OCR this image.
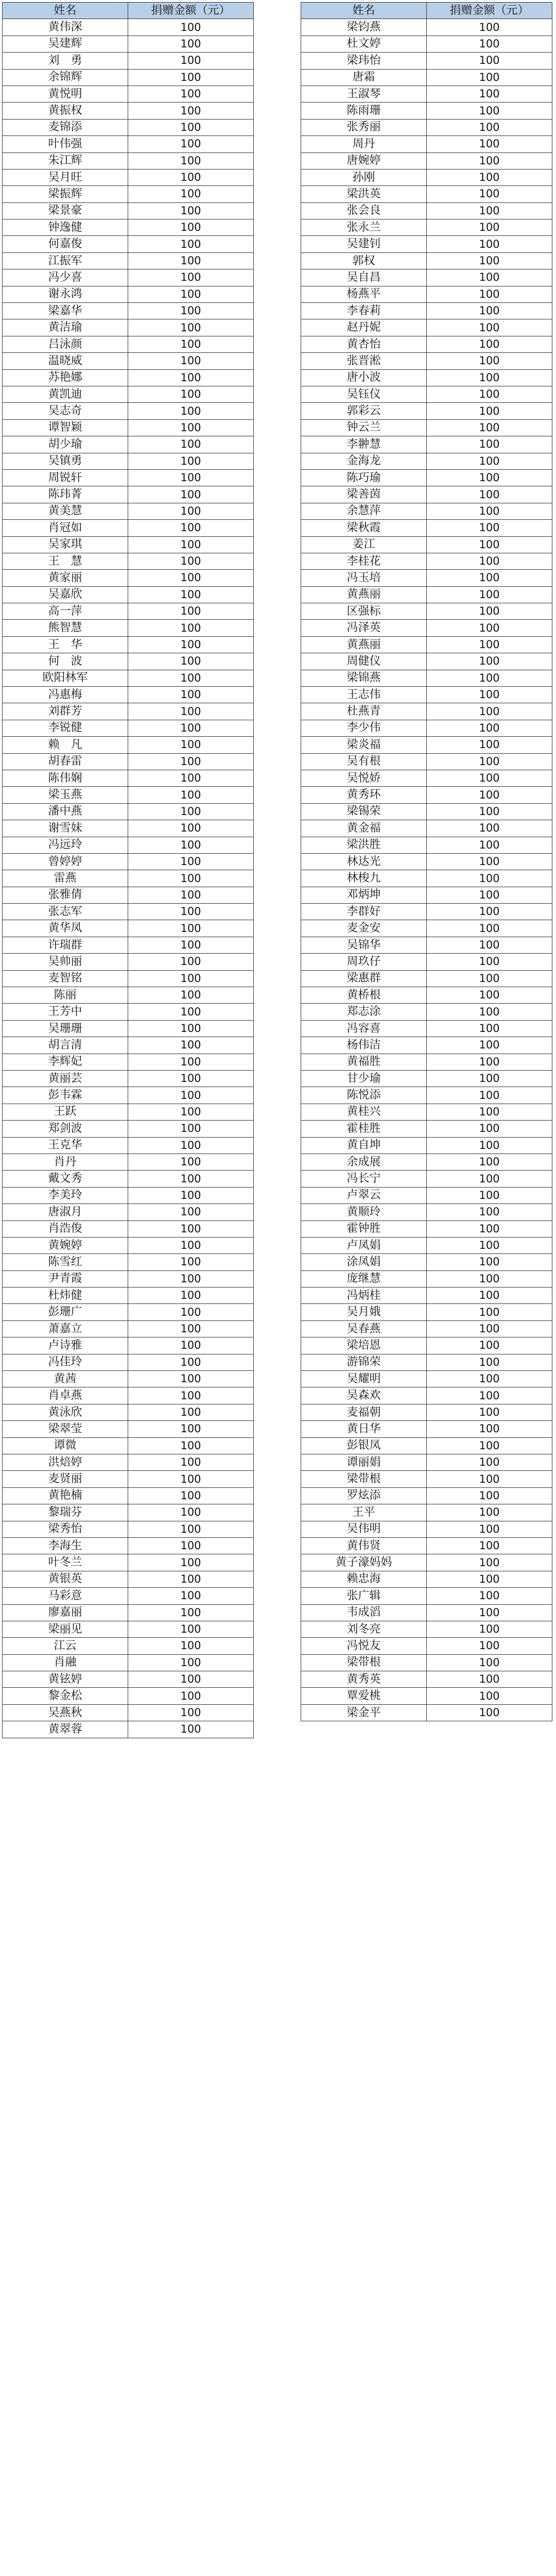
姓名	捐赠金额（元）
黄伟深	100
吴建辉	100
刘　勇	100
余锦辉	100
黄悦明	100
黄振权	100
麦锦添	100
叶伟强	100
朱江辉	100
吴月旺	100
梁振辉	100
梁景豪	100
钟逸健	100
何嘉俊	100
江振军	100
冯少喜	100
谢永鸿	100
梁嘉华	100
黄洁瑜	100
吕泳颜	100
温晓威	100
苏艳娜	100
黄凯迪	100
吴志奇	100
谭智颖	100
胡少瑜	100
吴镇勇	100
周锐轩	100
陈玮菁	100
黄美慧	100
肖冠如	100
吴家琪	100
王　慧	100
黄家丽	100
吴嘉欣	100
高一萍	100
熊智慧	100
王　华	100
何　波	100
欧阳林军	100
冯惠梅	100
刘群芳	100
李锐健	100
赖　凡	100
胡春雷	100
陈伟娴	100
梁玉燕	100
潘中燕	100
谢雪妹	100
冯远玲	100
曾婷婷	100
雷燕	100
张雅倩	100
张志军	100
黄华凤	100
许瑞群	100
吴帅丽	100
麦智铭	100
陈丽	100
王芳中	100
吴珊珊	100
胡言清	100
李辉妃	100
黄丽芸	100
彭韦霖	100
王跃	100
郑剑波	100
王克华	100
肖丹	100
戴文秀	100
李美玲	100
唐淑月	100
肖浩俊	100
黄婉婷	100
陈雪红	100
尹青霞	100
杜炜健	100
彭珊广	100
萧嘉立	100
卢诗雅	100
冯佳玲	100
黄茜	100
肖卓燕	100
黄泳欣	100
梁翠莹	100
谭微	100
洪焙婷	100
麦贤丽	100
黄艳楠	100
黎瑞芬	100
梁秀怡	100
李海生	100
叶冬兰	100
黄银英	100
马彩意	100
廖嘉丽	100
梁丽见	100
江云	100
肖融	100
黄铉婷	100
黎金松	100
吴燕秋	100
黄翠蓉	100
姓名	捐赠金额（元）
梁钧燕	100
杜文婷	100
梁玮怡	100
唐霜	100
王淑琴	100
陈雨珊	100
张秀丽	100
周丹	100
唐婉婷	100
孙刚	100
梁洪英	100
张会良	100
张永兰	100
吴建钊	100
郭权	100
吴自昌	100
杨燕平	100
李春莉	100
赵丹妮	100
黄杏怡	100
张晋淞	100
唐小波	100
吴钰仪	100
郭彩云	100
钟云兰	100
李翀慧	100
金海龙	100
陈巧瑜	100
梁善茵	100
余慧萍	100
梁秋霞	100
姜江	100
李桂花	100
冯玉培	100
黄燕丽	100
区强标	100
冯泽英	100
黄燕丽	100
周健仪	100
梁锦燕	100
王志伟	100
杜燕青	100
李少伟	100
梁炎福	100
吴有根	100
吴悦娇	100
黄秀环	100
梁锡荣	100
黄金福	100
梁洪胜	100
林达光	100
林梭九	100
邓炳坤	100
李群好	100
麦金安	100
吴锦华	100
周玖仔	100
梁惠群	100
黄桥根	100
郑志涂	100
冯容喜	100
杨伟洁	100
黄福胜	100
甘少瑜	100
陈悦添	100
黄桂兴	100
霍桂胜	100
黄自坤	100
余成展	100
冯长宁	100
卢翠云	100
黄顺玲	100
霍钟胜	100
卢凤娟	100
涂凤娟	100
庞继慧	100
冯炳桂	100
吴月娥	100
吴春燕	100
梁培恩	100
游锦荣	100
吴耀明	100
吴森欢	100
麦福朝	100
黄日华	100
彭银凤	100
谭丽娟	100
梁带根	100
罗炫添	100
王平	100
吴伟明	100
黄伟贤	100
黄子濠妈妈	100
赖忠海	100
张广辑	100
韦成滔	100
刘冬亮	100
冯悦友	100
梁带根	100
黄秀英	100
覃爱桃	100
梁金平	100
